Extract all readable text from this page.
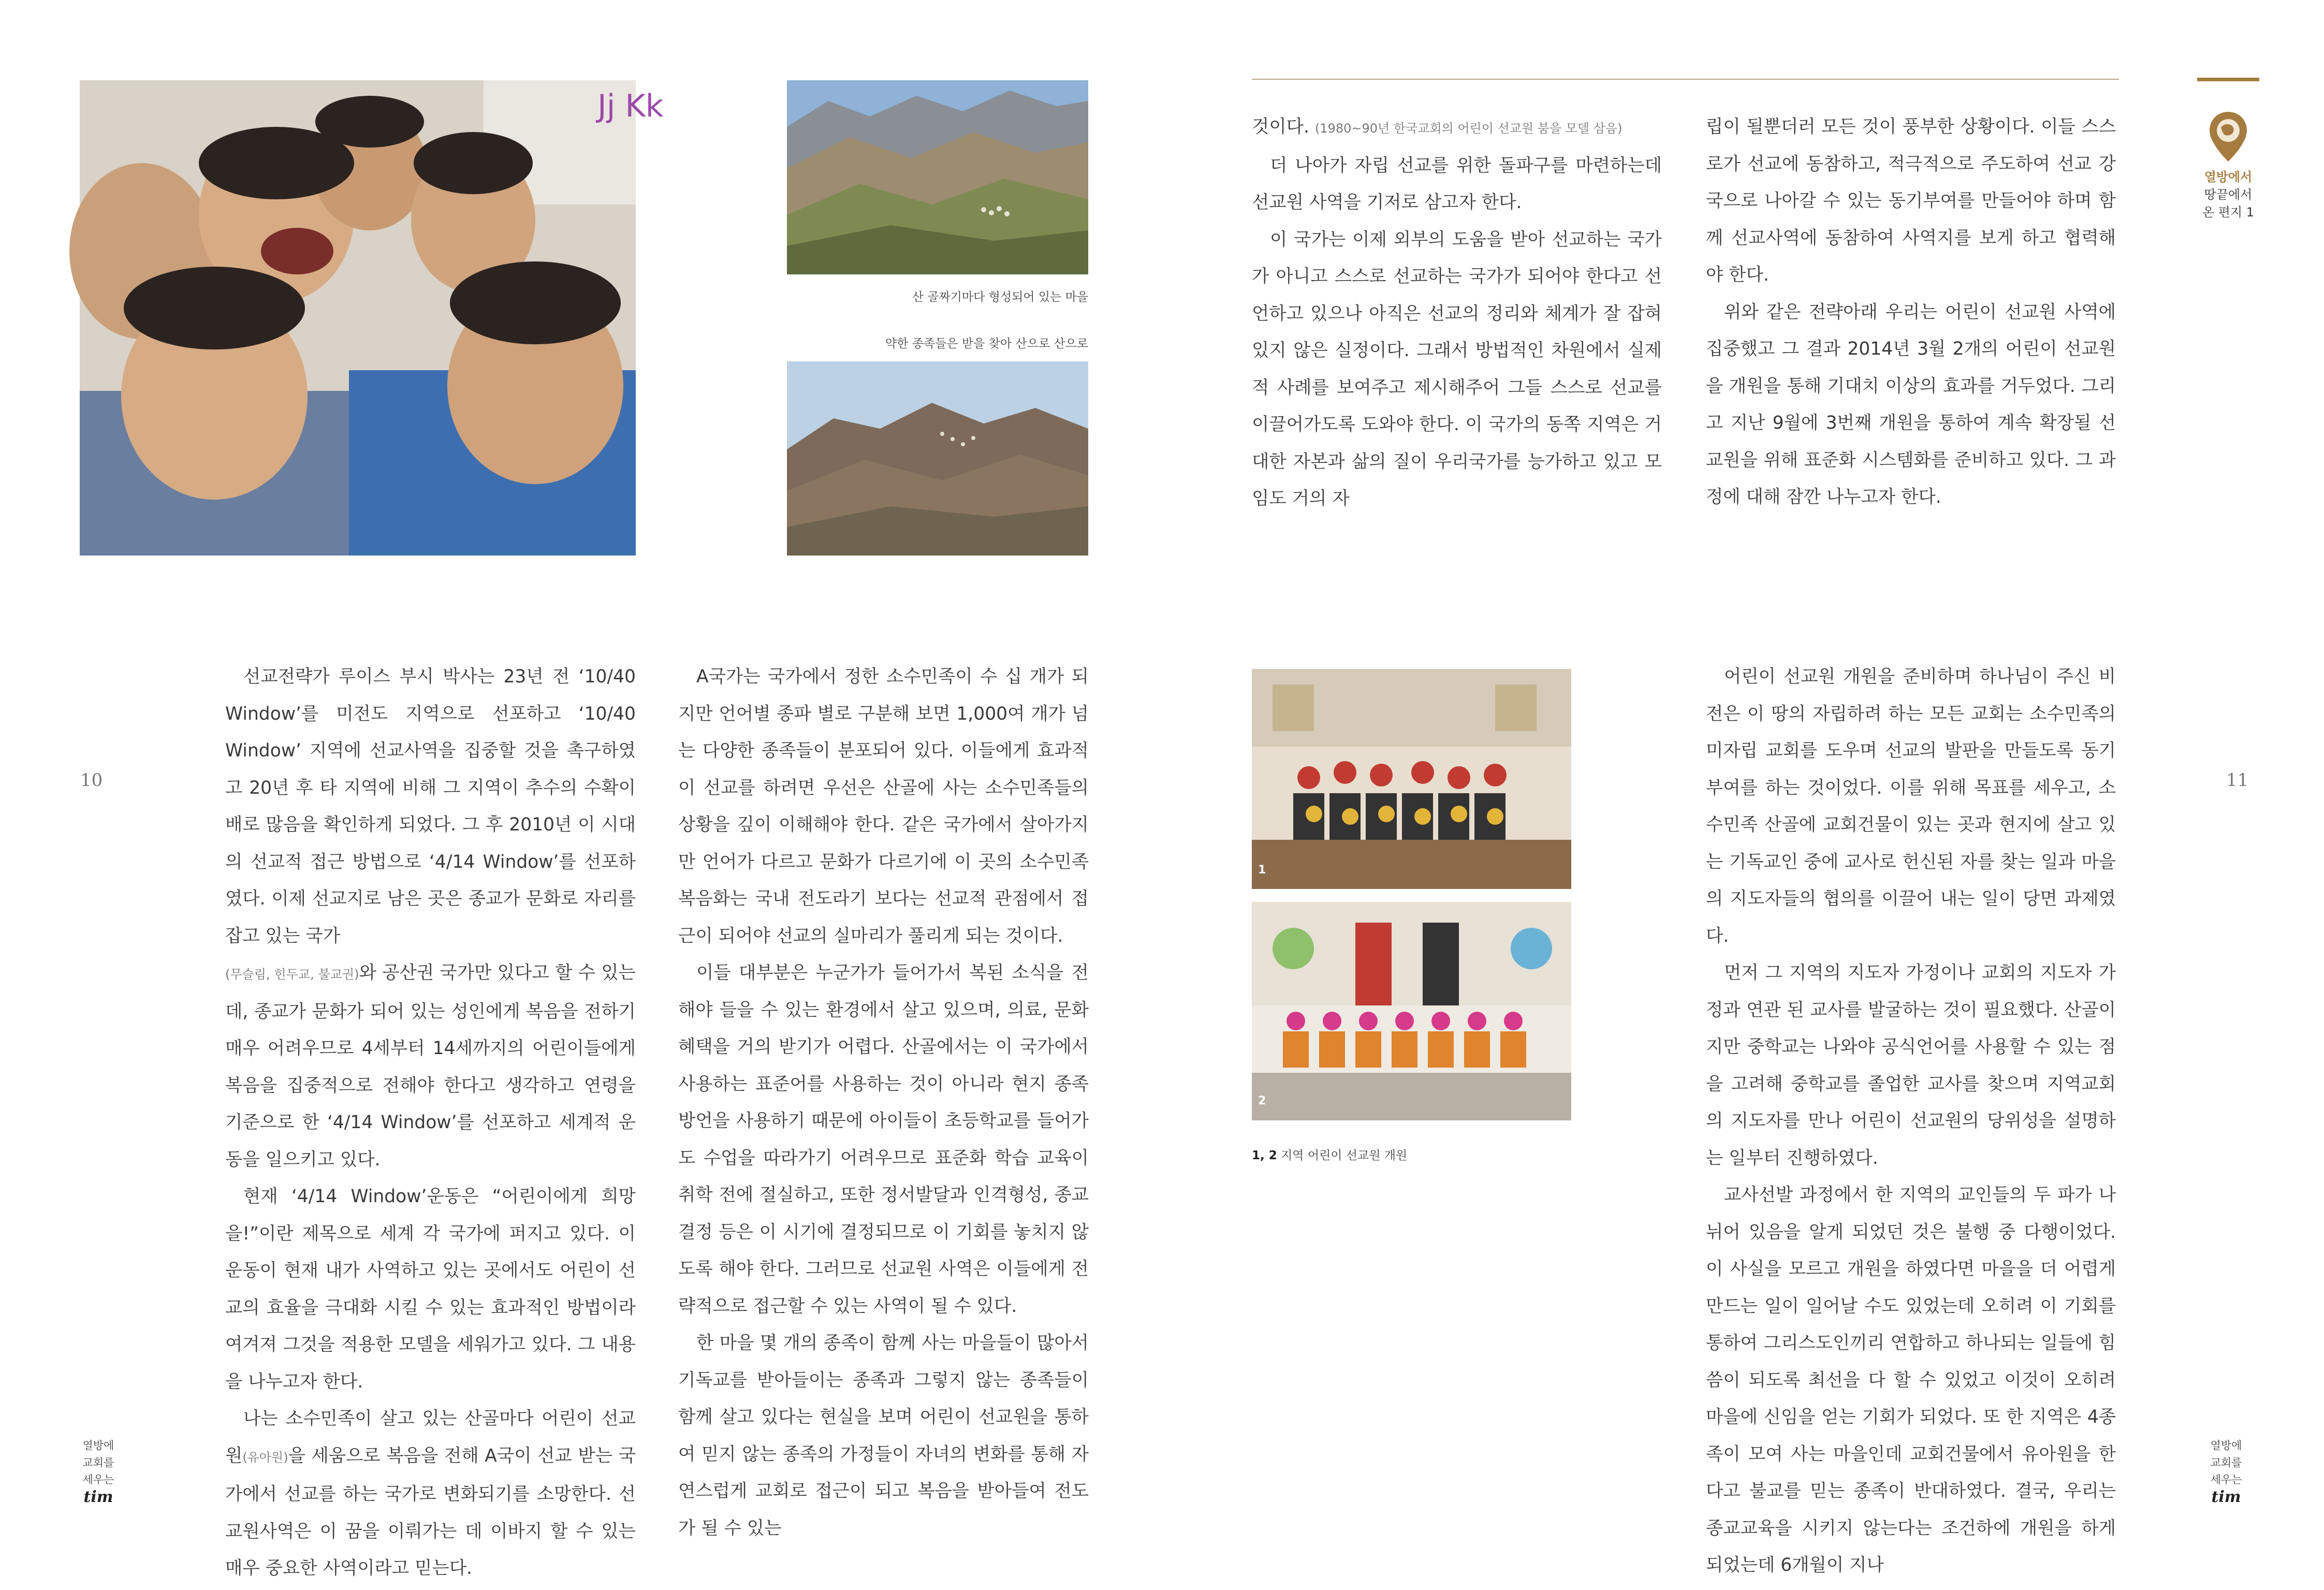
Jj Kk
산 골짜기마다 형성되어 있는 마을
약한 종족들은 받을 찾아 산으로 산으로
10
열방에
교회를
세우는
tim

선교전략가 루이스 부시 박사는 23년 전 ‘10/40 Window’를 미전도 지역으로 선포하고 ‘10/40 Window’ 지역에 선교사역을 집중할 것을 촉구하였고 20년 후 타 지역에 비해 그 지역이 추수의 수확이 배로 많음을 확인하게 되었다. 그 후 2010년 이 시대의 선교적 접근 방법으로 ‘4/14 Window’를 선포하였다. 이제 선교지로 남은 곳은 종교가 문화로 자리를 잡고 있는 국가

(무슬림, 힌두교, 불교권)와 공산권 국가만 있다고 할 수 있는데, 종교가 문화가 되어 있는 성인에게 복음을 전하기 매우 어려우므로 4세부터 14세까지의 어린이들에게 복음을 집중적으로 전해야 한다고 생각하고 연령을 기준으로 한 ‘4/14 Window’를 선포하고 세계적 운동을 일으키고 있다.

현재 ‘4/14 Window’운동은 “어린이에게 희망을!”이란 제목으로 세계 각 국가에 퍼지고 있다. 이 운동이 현재 내가 사역하고 있는 곳에서도 어린이 선교의 효율을 극대화 시킬 수 있는 효과적인 방법이라 여겨져 그것을 적용한 모델을 세워가고 있다. 그 내용을 나누고자 한다.

나는 소수민족이 살고 있는 산골마다 어린이 선교원(유아원)을 세움으로 복음을 전해 A국이 선교 받는 국가에서 선교를 하는 국가로 변화되기를 소망한다. 선교원사역은 이 꿈을 이뤄가는 데 이바지 할 수 있는 매우 중요한 사역이라고 믿는다.

A국가는 국가에서 정한 소수민족이 수 십 개가 되지만 언어별 종파 별로 구분해 보면 1,000여 개가 넘는 다양한 종족들이 분포되어 있다. 이들에게 효과적이 선교를 하려면 우선은 산골에 사는 소수민족들의 상황을 깊이 이해해야 한다. 같은 국가에서 살아가지만 언어가 다르고 문화가 다르기에 이 곳의 소수민족 복음화는 국내 전도라기 보다는 선교적 관점에서 접근이 되어야 선교의 실마리가 풀리게 되는 것이다.

이들 대부분은 누군가가 들어가서 복된 소식을 전해야 들을 수 있는 환경에서 살고 있으며, 의료, 문화 혜택을 거의 받기가 어렵다. 산골에서는 이 국가에서 사용하는 표준어를 사용하는 것이 아니라 현지 종족 방언을 사용하기 때문에 아이들이 초등학교를 들어가도 수업을 따라가기 어려우므로 표준화 학습 교육이 취학 전에 절실하고, 또한 정서발달과 인격형성, 종교결정 등은 이 시기에 결정되므로 이 기회를 놓치지 않도록 해야 한다. 그러므로 선교원 사역은 이들에게 전략적으로 접근할 수 있는 사역이 될 수 있다.

한 마을 몇 개의 종족이 함께 사는 마을들이 많아서 기독교를 받아들이는 종족과 그렇지 않는 종족들이 함께 살고 있다는 현실을 보며 어린이 선교원을 통하여 믿지 않는 종족의 가정들이 자녀의 변화를 통해 자연스럽게 교회로 접근이 되고 복음을 받아들여 전도가 될 수 있는

열방에서
땅끝에서
온 편지 1

것이다. (1980~90년 한국교회의 어린이 선교원 붐을 모델 삼음)

더 나아가 자립 선교를 위한 돌파구를 마련하는데 선교원 사역을 기저로 삼고자 한다.

이 국가는 이제 외부의 도움을 받아 선교하는 국가가 아니고 스스로 선교하는 국가가 되어야 한다고 선언하고 있으나 아직은 선교의 정리와 체계가 잘 잡혀 있지 않은 실정이다. 그래서 방법적인 차원에서 실제적 사례를 보여주고 제시해주어 그들 스스로 선교를 이끌어가도록 도와야 한다. 이 국가의 동쪽 지역은 거대한 자본과 삶의 질이 우리국가를 능가하고 있고 모임도 거의 자

립이 될뿐더러 모든 것이 풍부한 상황이다. 이들 스스로가 선교에 동참하고, 적극적으로 주도하여 선교 강국으로 나아갈 수 있는 동기부여를 만들어야 하며 함께 선교사역에 동참하여 사역지를 보게 하고 협력해야 한다.

위와 같은 전략아래 우리는 어린이 선교원 사역에 집중했고 그 결과 2014년 3월 2개의 어린이 선교원을 개원을 통해 기대치 이상의 효과를 거두었다. 그리고 지난 9월에 3번째 개원을 통하여 계속 확장될 선교원을 위해 표준화 시스템화를 준비하고 있다. 그 과정에 대해 잠깐 나누고자 한다.

1
2
1, 2 지역 어린이 선교원 개원

어린이 선교원 개원을 준비하며 하나님이 주신 비전은 이 땅의 자립하려 하는 모든 교회는 소수민족의 미자립 교회를 도우며 선교의 발판을 만들도록 동기부여를 하는 것이었다. 이를 위해 목표를 세우고, 소수민족 산골에 교회건물이 있는 곳과 현지에 살고 있는 기독교인 중에 교사로 헌신된 자를 찾는 일과 마을의 지도자들의 협의를 이끌어 내는 일이 당면 과제였다.

먼저 그 지역의 지도자 가정이나 교회의 지도자 가정과 연관 된 교사를 발굴하는 것이 필요했다. 산골이지만 중학교는 나와야 공식언어를 사용할 수 있는 점을 고려해 중학교를 졸업한 교사를 찾으며 지역교회의 지도자를 만나 어린이 선교원의 당위성을 설명하는 일부터 진행하였다.

교사선발 과정에서 한 지역의 교인들의 두 파가 나뉘어 있음을 알게 되었던 것은 불행 중 다행이었다. 이 사실을 모르고 개원을 하였다면 마을을 더 어렵게 만드는 일이 일어날 수도 있었는데 오히려 이 기회를 통하여 그리스도인끼리 연합하고 하나되는 일들에 힘씀이 되도록 최선을 다 할 수 있었고 이것이 오히려 마을에 신임을 얻는 기회가 되었다. 또 한 지역은 4종족이 모여 사는 마을인데 교회건물에서 유아원을 한다고 불교를 믿는 종족이 반대하였다. 결국, 우리는 종교교육을 시키지 않는다는 조건하에 개원을 하게 되었는데 6개월이 지나

11
열방에
교회를
세우는
tim
